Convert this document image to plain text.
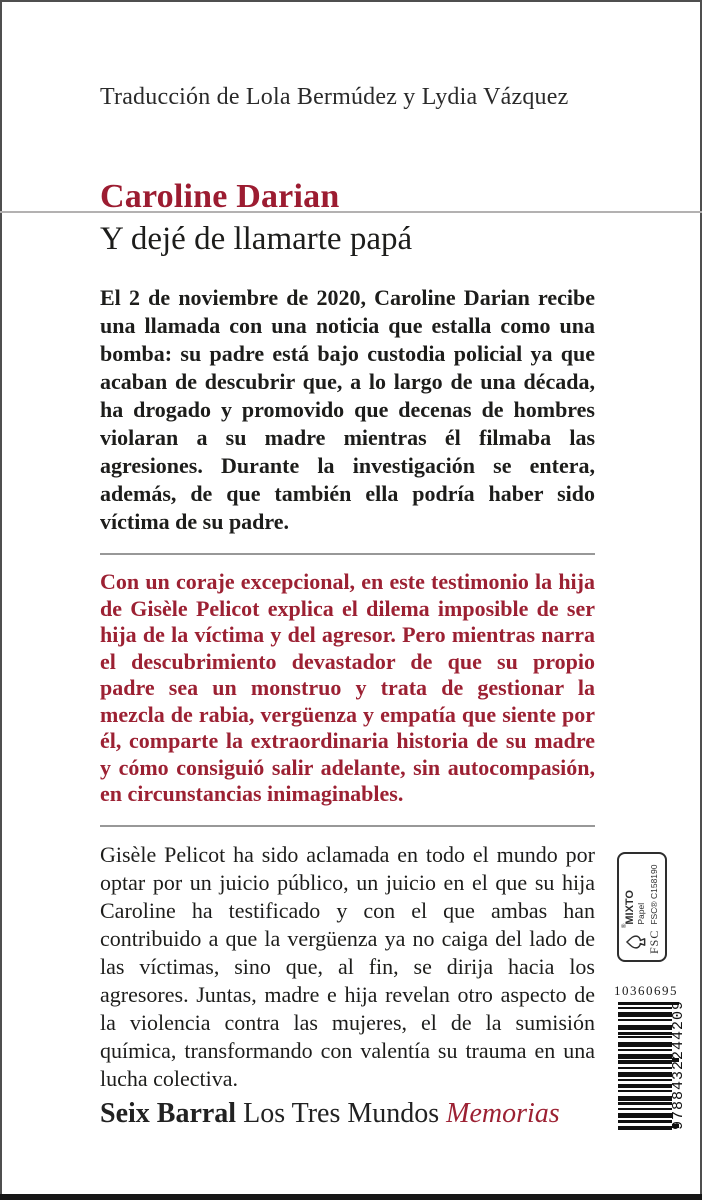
Traducción de Lola Bermúdez y Lydia Vázquez
Caroline Darian
Y dejé de llamarte papá

El 2 de noviembre de 2020, Caroline Darian recibe una llamada con una noticia que estalla como una bomba: su padre está bajo custodia policial ya que acaban de descubrir que, a lo largo de una década, ha drogado y promovido que decenas de hombres violaran a su madre mientras él filmaba las agresiones. Durante la investigación se entera, además, de que también ella podría haber sido víctima de su padre.

Con un coraje excepcional, en este testimonio la hija de Gisèle Pelicot explica el dilema imposible de ser hija de la víctima y del agresor. Pero mientras narra el descubrimiento devastador de que su propio padre sea un monstruo y trata de gestionar la mezcla de rabia, vergüenza y empatía que siente por él, comparte la extraordinaria historia de su madre y cómo consiguió salir adelante, sin autocompasión, en circunstancias inimaginables.

Gisèle Pelicot ha sido aclamada en todo el mundo por optar por un juicio público, un juicio en el que su hija Caroline ha testificado y con el que ambas han contribuido a que la vergüenza ya no caiga del lado de las víctimas, sino que, al fin, se dirija hacia los agresores. Juntas, madre e hija revelan otro aspecto de la violencia contra las mujeres, el de la sumisión química, transformando con valentía su trauma en una lucha colectiva.

Seix Barral Los Tres Mundos Memorias
®
FSC
MIXTO Papel FSC® C158190
10360695
9788432244209
